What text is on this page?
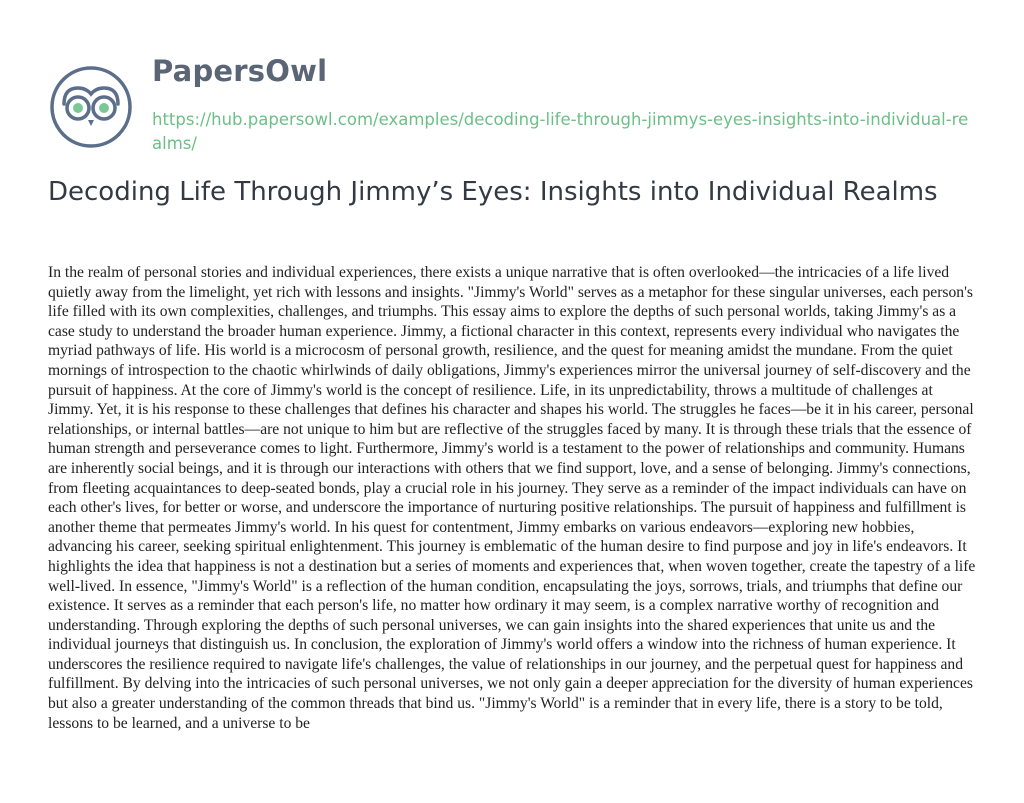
PapersOwl
https://hub.papersowl.com/examples/decoding-life-through-jimmys-eyes-insights-into-individual-realms/
Decoding Life Through Jimmy’s Eyes: Insights into Individual Realms

In the realm of personal stories and individual experiences, there exists a unique narrative that is often overlooked—the intricacies of a life lived quietly away from the limelight, yet rich with lessons and insights. "Jimmy's World" serves as a metaphor for these singular universes, each person's life filled with its own complexities, challenges, and triumphs. This essay aims to explore the depths of such personal worlds, taking Jimmy's as a case study to understand the broader human experience. Jimmy, a fictional character in this context, represents every individual who navigates the myriad pathways of life. His world is a microcosm of personal growth, resilience, and the quest for meaning amidst the mundane. From the quiet mornings of introspection to the chaotic whirlwinds of daily obligations, Jimmy's experiences mirror the universal journey of self-discovery and the pursuit of happiness. At the core of Jimmy's world is the concept of resilience. Life, in its unpredictability, throws a multitude of challenges at Jimmy. Yet, it is his response to these challenges that defines his character and shapes his world. The struggles he faces—be it in his career, personal relationships, or internal battles—are not unique to him but are reflective of the struggles faced by many. It is through these trials that the essence of human strength and perseverance comes to light. Furthermore, Jimmy's world is a testament to the power of relationships and community. Humans are inherently social beings, and it is through our interactions with others that we find support, love, and a sense of belonging. Jimmy's connections, from fleeting acquaintances to deep-seated bonds, play a crucial role in his journey. They serve as a reminder of the impact individuals can have on each other's lives, for better or worse, and underscore the importance of nurturing positive relationships. The pursuit of happiness and fulfillment is another theme that permeates Jimmy's world. In his quest for contentment, Jimmy embarks on various endeavors—exploring new hobbies, advancing his career, seeking spiritual enlightenment. This journey is emblematic of the human desire to find purpose and joy in life's endeavors. It highlights the idea that happiness is not a destination but a series of moments and experiences that, when woven together, create the tapestry of a life well-lived. In essence, "Jimmy's World" is a reflection of the human condition, encapsulating the joys, sorrows, trials, and triumphs that define our existence. It serves as a reminder that each person's life, no matter how ordinary it may seem, is a complex narrative worthy of recognition and understanding. Through exploring the depths of such personal universes, we can gain insights into the shared experiences that unite us and the individual journeys that distinguish us. In conclusion, the exploration of Jimmy's world offers a window into the richness of human experience. It underscores the resilience required to navigate life's challenges, the value of relationships in our journey, and the perpetual quest for happiness and fulfillment. By delving into the intricacies of such personal universes, we not only gain a deeper appreciation for the diversity of human experiences but also a greater understanding of the common threads that bind us. "Jimmy's World" is a reminder that in every life, there is a story to be told, lessons to be learned, and a universe to be
